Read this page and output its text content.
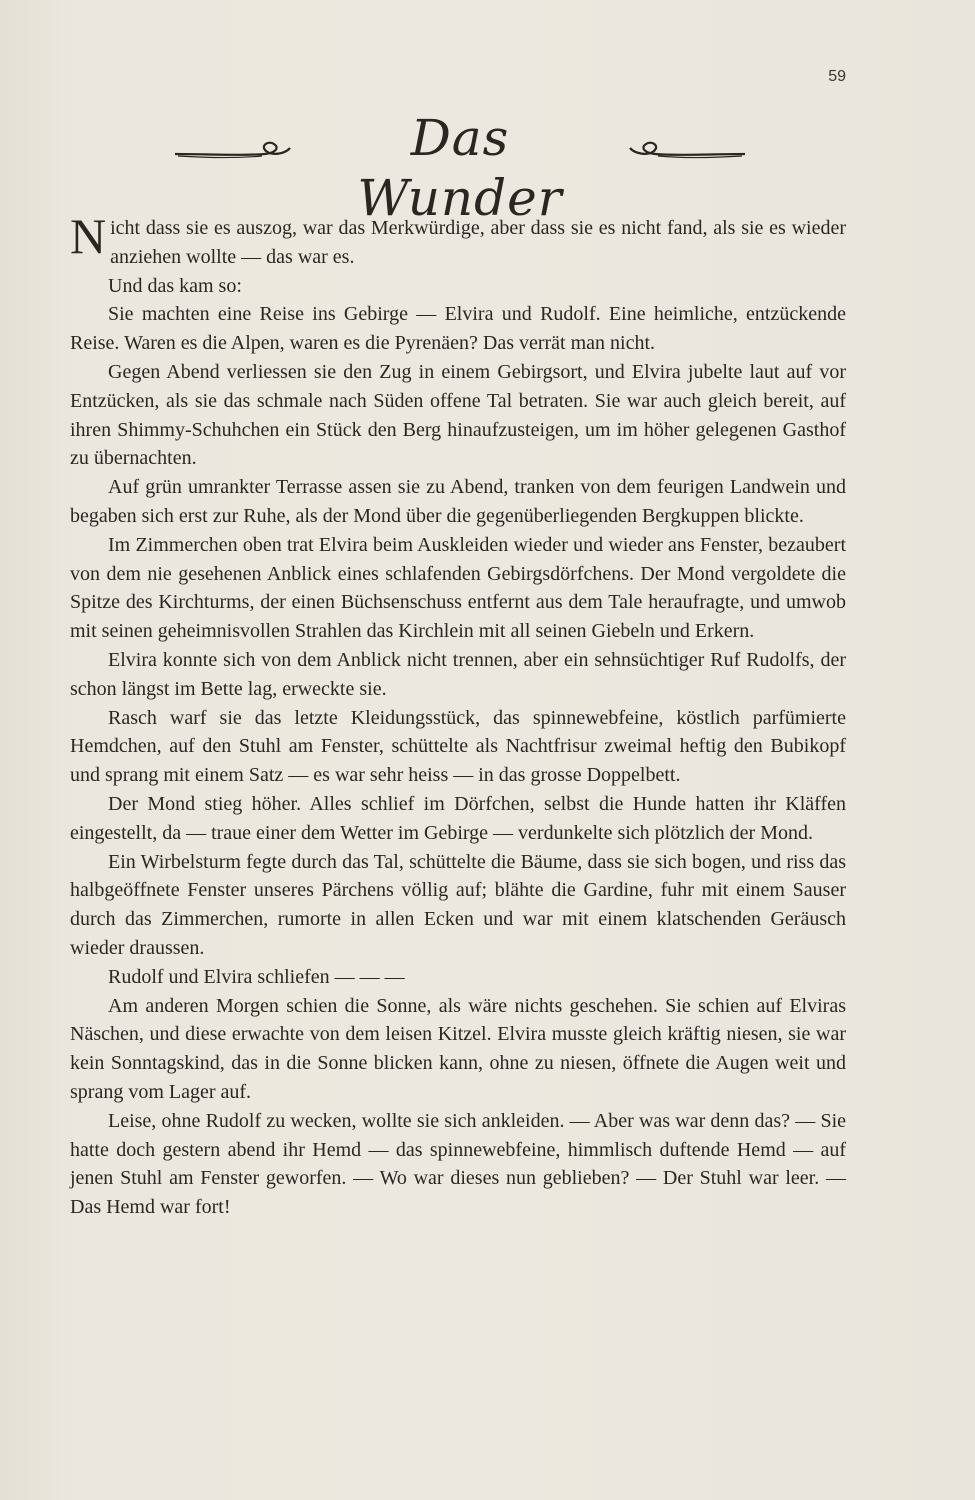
59
Das Wunder

Nicht dass sie es auszog, war das Merkwürdige, aber dass sie es nicht fand, als sie es wieder anziehen wollte — das war es.

Und das kam so:

Sie machten eine Reise ins Gebirge — Elvira und Rudolf. Eine heimliche, entzückende Reise. Waren es die Alpen, waren es die Pyrenäen? Das verrät man nicht.

Gegen Abend verliessen sie den Zug in einem Gebirgsort, und Elvira jubelte laut auf vor Entzücken, als sie das schmale nach Süden offene Tal betraten. Sie war auch gleich bereit, auf ihren Shimmy-Schuhchen ein Stück den Berg hinaufzusteigen, um im höher gelegenen Gasthof zu übernachten.

Auf grün umrankter Terrasse assen sie zu Abend, tranken von dem feurigen Landwein und begaben sich erst zur Ruhe, als der Mond über die gegenüberliegenden Bergkuppen blickte.

Im Zimmerchen oben trat Elvira beim Auskleiden wieder und wieder ans Fenster, bezaubert von dem nie gesehenen Anblick eines schlafenden Gebirgsdörfchens. Der Mond vergoldete die Spitze des Kirchturms, der einen Büchsenschuss entfernt aus dem Tale heraufragte, und umwob mit seinen geheimnisvollen Strahlen das Kirchlein mit all seinen Giebeln und Erkern.

Elvira konnte sich von dem Anblick nicht trennen, aber ein sehnsüchtiger Ruf Rudolfs, der schon längst im Bette lag, erweckte sie.

Rasch warf sie das letzte Kleidungsstück, das spinnewebfeine, köstlich parfümierte Hemdchen, auf den Stuhl am Fenster, schüttelte als Nachtfrisur zweimal heftig den Bubikopf und sprang mit einem Satz — es war sehr heiss — in das grosse Doppelbett.

Der Mond stieg höher. Alles schlief im Dörfchen, selbst die Hunde hatten ihr Kläffen eingestellt, da — traue einer dem Wetter im Gebirge — verdunkelte sich plötzlich der Mond.

Ein Wirbelsturm fegte durch das Tal, schüttelte die Bäume, dass sie sich bogen, und riss das halbgeöffnete Fenster unseres Pärchens völlig auf; blähte die Gardine, fuhr mit einem Sauser durch das Zimmerchen, rumorte in allen Ecken und war mit einem klatschenden Geräusch wieder draussen.

Rudolf und Elvira schliefen — — —

Am anderen Morgen schien die Sonne, als wäre nichts geschehen. Sie schien auf Elviras Näschen, und diese erwachte von dem leisen Kitzel. Elvira musste gleich kräftig niesen, sie war kein Sonntagskind, das in die Sonne blicken kann, ohne zu niesen, öffnete die Augen weit und sprang vom Lager auf.

Leise, ohne Rudolf zu wecken, wollte sie sich ankleiden. — Aber was war denn das? — Sie hatte doch gestern abend ihr Hemd — das spinnewebfeine, himmlisch duftende Hemd — auf jenen Stuhl am Fenster geworfen. — Wo war dieses nun geblieben? — Der Stuhl war leer. — Das Hemd war fort!
